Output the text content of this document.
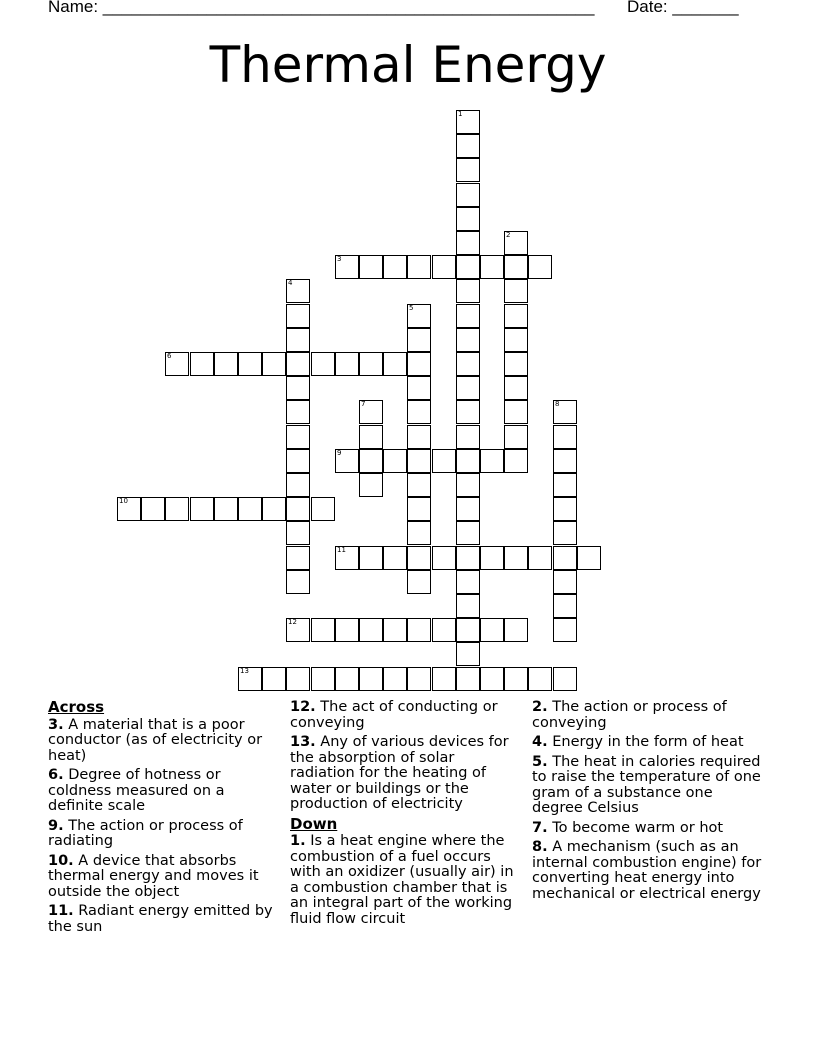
Name: ____________________________________________________ Date: _______
Thermal Energy
1
2
3
4
5
6
7	8
9
10
11
12
13
Across
3. A material that is a poor conductor (as of electricity or heat)
6. Degree of hotness or coldness measured on a definite scale
9. The action or process of radiating
10. A device that absorbs thermal energy and moves it outside the object
11. Radiant energy emitted by the sun
12. The act of conducting or conveying
13. Any of various devices for the absorption of solar radiation for the heating of water or buildings or the production of electricity
Down
1. Is a heat engine where the combustion of a fuel occurs with an oxidizer (usually air) in a combustion chamber that is an integral part of the working fluid flow circuit
2. The action or process of conveying
4. Energy in the form of heat
5. The heat in calories required to raise the temperature of one gram of a substance one degree Celsius
7. To become warm or hot
8. A mechanism (such as an internal combustion engine) for converting heat energy into mechanical or electrical energy
